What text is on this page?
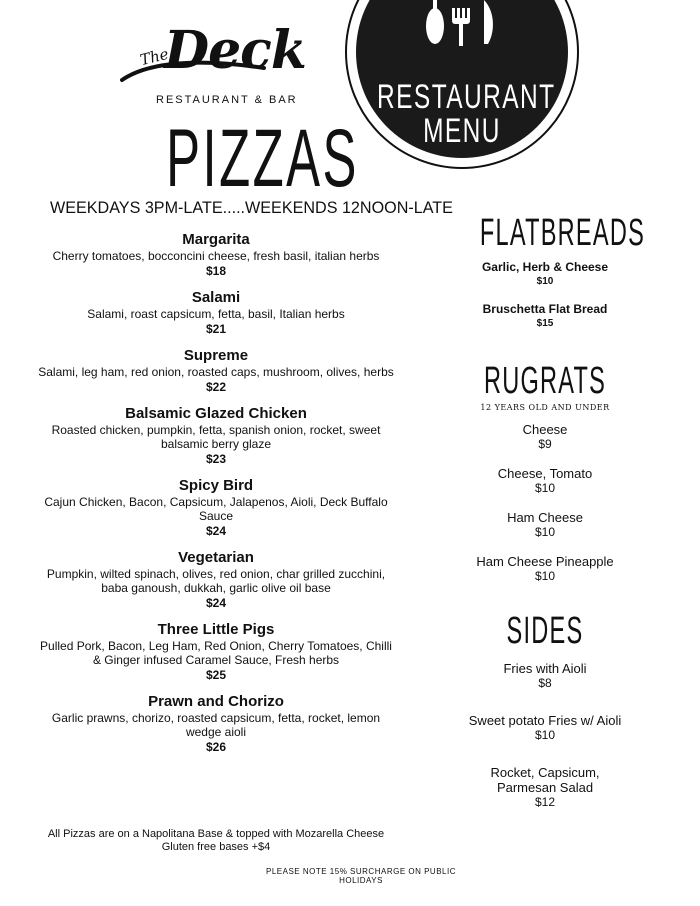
The
Deck
RESTAURANT & BAR RESTAURANT
MENU
PIZZAS
WEEKDAYS 3PM-LATE.....WEEKENDS 12NOON-LATE
Margarita
Cherry tomatoes, bocconcini cheese, fresh basil, italian herbs
$18
Salami
Salami, roast capsicum, fetta, basil, Italian herbs
$21
Supreme
Salami, leg ham, red onion, roasted caps, mushroom, olives, herbs
$22
Balsamic Glazed Chicken
Roasted chicken, pumpkin, fetta, spanish onion, rocket, sweet balsamic berry glaze
$23
Spicy Bird
Cajun Chicken, Bacon, Capsicum, Jalapenos, Aioli, Deck Buffalo Sauce
$24
Vegetarian
Pumpkin, wilted spinach, olives, red onion, char grilled zucchini, baba ganoush, dukkah, garlic olive oil base
$24
Three Little Pigs
Pulled Pork, Bacon, Leg Ham, Red Onion, Cherry Tomatoes, Chilli & Ginger infused Caramel Sauce, Fresh herbs
$25
Prawn and Chorizo
Garlic prawns, chorizo, roasted capsicum, fetta, rocket, lemon wedge aioli
$26
All Pizzas are on a Napolitana Base & topped with Mozarella Cheese
Gluten free bases +$4
PLEASE NOTE 15% SURCHARGE ON PUBLIC HOLIDAYS
FLATBREADS
Garlic, Herb & Cheese
$10
Bruschetta Flat Bread
$15
RUGRATS
12 YEARS OLD AND UNDER
Cheese
$9
Cheese, Tomato
$10
Ham Cheese
$10
Ham Cheese Pineapple
$10
SIDES
Fries with Aioli
$8
Sweet potato Fries w/ Aioli
$10
Rocket, Capsicum, Parmesan Salad
$12
